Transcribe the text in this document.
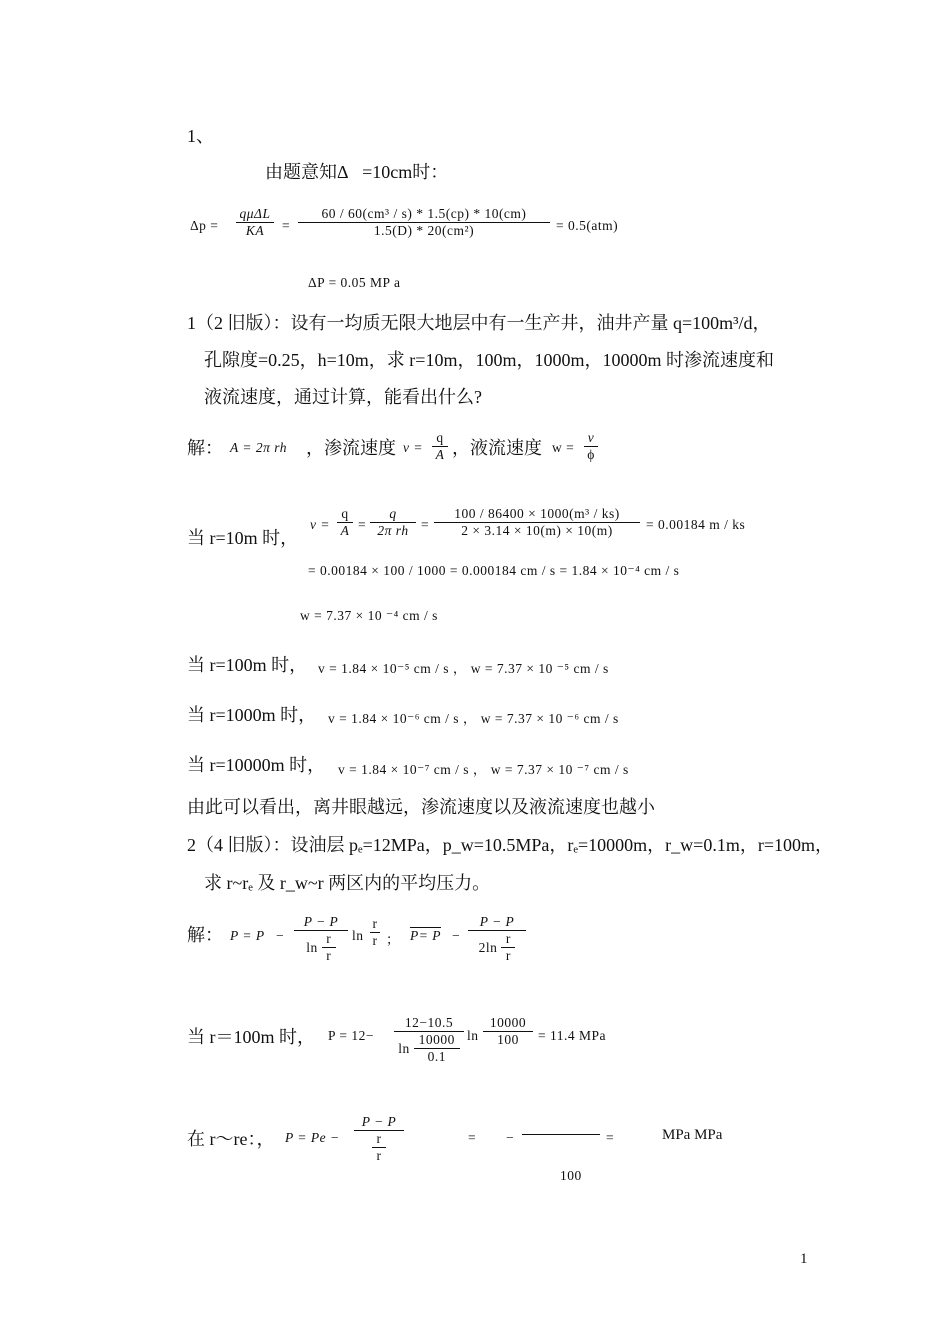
1、
由题意知Δ   =10cm时：
Δp =
qμΔL
KA =
60 / 60(cm³ / s) * 1.5(cp) * 10(cm)
1.5(D) * 20(cm²)	= 0.5(atm)
ΔP = 0.05 MP a
1（2 旧版）：设有一均质无限大地层中有一生产井，油井产量 q=100m³/d，
孔隙度=0.25，h=10m，求 r=10m，100m，1000m，10000m 时渗流速度和
液流速度，通过计算，能看出什么?
解： A = 2π rh ，渗流速度 v =
q
A ，液流速度 w =
v
ϕ
当 r=10m 时，
v =
q
A =
q
2π rh =
100 / 86400 × 1000(m³ / ks)
2 × 3.14 × 10(m) × 10(m) = 0.00184 m / ks
= 0.00184 × 100 / 1000 = 0.000184 cm / s = 1.84 × 10⁻⁴ cm / s
w = 7.37 × 10 ⁻⁴ cm / s
当 r=100m 时， v = 1.84 × 10⁻⁵ cm / s ， w = 7.37 × 10 ⁻⁵ cm / s
当 r=1000m 时， v = 1.84 × 10⁻⁶ cm / s ， w = 7.37 × 10 ⁻⁶ cm / s
当 r=10000m 时， v = 1.84 × 10⁻⁷ cm / s ， w = 7.37 × 10 ⁻⁷ cm / s
由此可以看出，离井眼越远，渗流速度以及液流速度也越小
2（4 旧版）：设油层 pₑ=12MPa，p_w=10.5MPa，rₑ=10000m，r_w=0.1m，r=100m，
求 r~rₑ 及 r_w~r 两区内的平均压力。
解： P = P −
P − P
ln
r
r
ln
r
r ； P= P −
P − P
2ln
r
r
当 r＝100m 时， P = 12−
12−10.5
ln
10000
0.1
ln
10000
100 = 11.4 MPa
在 r～re：， P = Pe −
P − P
r
r
= −
100
=	MPa MPa
1
